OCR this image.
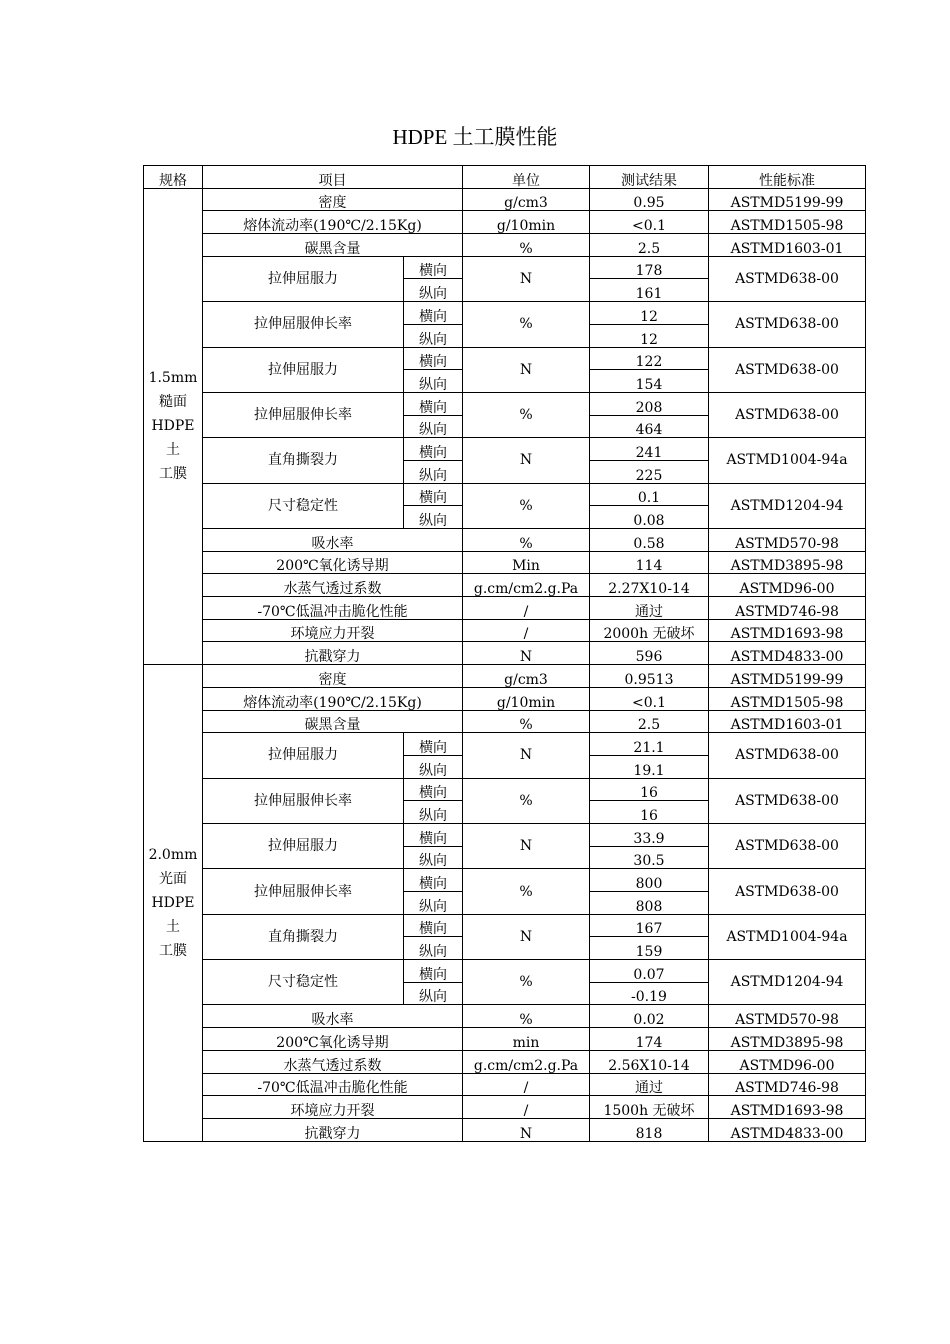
HDPE 土工膜性能
规格	项目		单位	测试结果	性能标准

1.5mm
糙面
HDPE 土
工膜	密度		g/cm3	0.95	ASTMD5199-99
	熔体流动率(190℃/2.15Kg)		g/10min	<0.1	ASTMD1505-98
	碳黑含量		%	2.5	ASTMD1603-01
	拉伸屈服力	横向	N	178	ASTMD638-00
		纵向		161	
	拉伸屈服伸长率	横向	%	12	ASTMD638-00
		纵向		12	
	拉伸屈服力	横向	N	122	ASTMD638-00
		纵向		154	
	拉伸屈服伸长率	横向	%	208	ASTMD638-00
		纵向		464	
	直角撕裂力	横向	N	241	ASTMD1004-94a
		纵向		225	
	尺寸稳定性	横向	%	0.1	ASTMD1204-94
		纵向		0.08	
	吸水率		%	0.58	ASTMD570-98
	200℃氧化诱导期		Min	114	ASTMD3895-98
	水蒸气透过系数		g.cm/cm2.g.Pa	2.27X10-14	ASTMD96-00
	-70℃低温冲击脆化性能		/	通过	ASTMD746-98
	环境应力开裂		/	2000h 无破坏	ASTMD1693-98
	抗戳穿力		N	596	ASTMD4833-00

2.0mm
光面
HDPE 土
工膜	密度		g/cm3	0.9513	ASTMD5199-99
	熔体流动率(190℃/2.15Kg)		g/10min	<0.1	ASTMD1505-98
	碳黑含量		%	2.5	ASTMD1603-01
	拉伸屈服力	横向	N	21.1	ASTMD638-00
		纵向		19.1	
	拉伸屈服伸长率	横向	%	16	ASTMD638-00
		纵向		16	
	拉伸屈服力	横向	N	33.9	ASTMD638-00
		纵向		30.5	
	拉伸屈服伸长率	横向	%	800	ASTMD638-00
		纵向		808	
	直角撕裂力	横向	N	167	ASTMD1004-94a
		纵向		159	
	尺寸稳定性	横向	%	0.07	ASTMD1204-94
		纵向		-0.19	
	吸水率		%	0.02	ASTMD570-98
	200℃氧化诱导期		min	174	ASTMD3895-98
	水蒸气透过系数		g.cm/cm2.g.Pa	2.56X10-14	ASTMD96-00
	-70℃低温冲击脆化性能		/	通过	ASTMD746-98
	环境应力开裂		/	1500h 无破坏	ASTMD1693-98
	抗戳穿力		N	818	ASTMD4833-00
